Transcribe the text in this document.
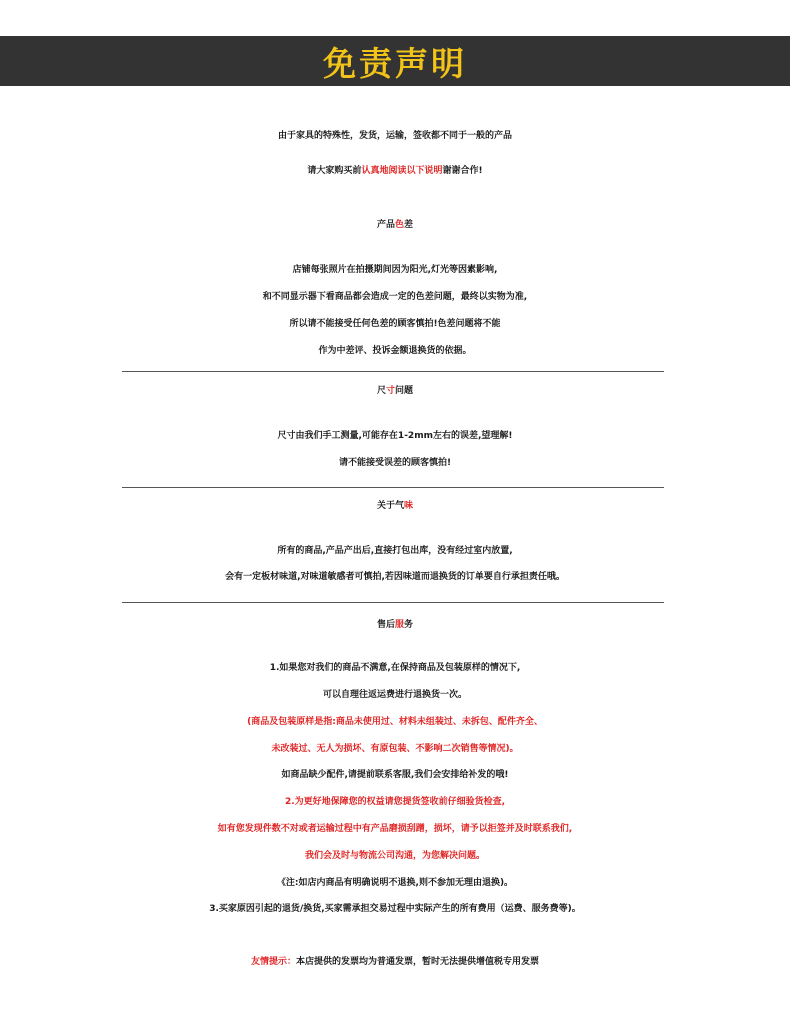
免责声明
由于家具的特殊性，发货，运输，签收都不同于一般的产品
请大家购买前认真地阅读以下说明谢谢合作!
产品色差
店铺每张照片在拍摄期间因为阳光,灯光等因素影响,
和不同显示器下看商品都会造成一定的色差问题，最终以实物为准,
所以请不能接受任何色差的顾客慎拍!色差问题将不能
作为中差评、投诉金额退换货的依据。
尺寸问题
尺寸由我们手工测量,可能存在1-2mm左右的误差,望理解!
请不能接受误差的顾客慎拍!
关于气味
所有的商品,产品产出后,直接打包出库，没有经过室内放置,
会有一定板材味道,对味道敏感者可慎拍,若因味道而退换货的订单要自行承担责任哦。
售后服务
1.如果您对我们的商品不满意,在保持商品及包装原样的情况下,
可以自理往返运费进行退换货一次。
(商品及包装原样是指:商品未使用过、材料未组装过、未拆包、配件齐全、
未改装过、无人为损坏、有原包装、不影响二次销售等情况)。
如商品缺少配件,请提前联系客服,我们会安排给补发的哦!
2.为更好地保障您的权益请您提货签收前仔细验货检查,
如有您发现件数不对或者运输过程中有产品磨损刮蹭，损坏，请予以拒签并及时联系我们,
我们会及时与物流公司沟通，为您解决问题。
《注:如店内商品有明确说明不退换,则不参加无理由退换)。
3.买家原因引起的退货/换货,买家需承担交易过程中实际产生的所有费用（运费、服务费等)。
友情提示：本店提供的发票均为普通发票，暂时无法提供增值税专用发票
